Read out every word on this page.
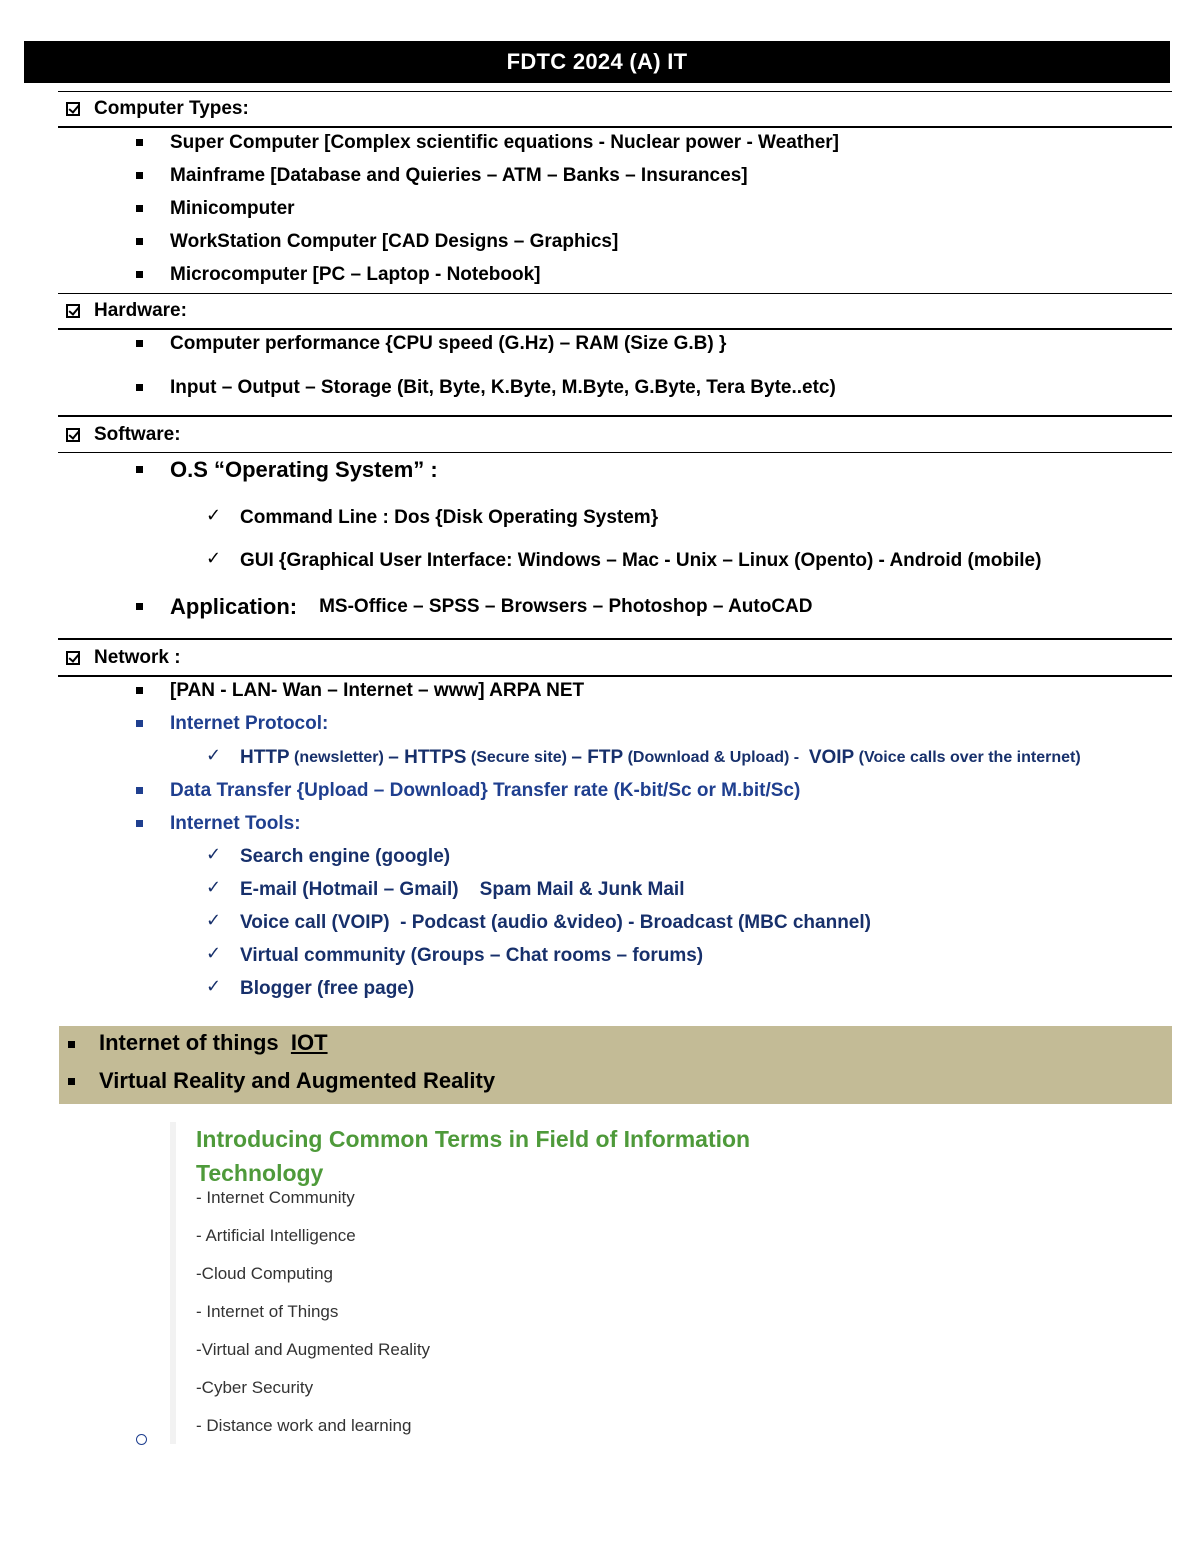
FDTC 2024 (A) IT
Computer Types:
Super Computer [Complex scientific equations - Nuclear power - Weather]
Mainframe [Database and Quieries – ATM – Banks – Insurances]
Minicomputer
WorkStation Computer [CAD Designs – Graphics]
Microcomputer [PC – Laptop - Notebook]
Hardware:
Computer performance {CPU speed (G.Hz) – RAM (Size G.B) }
Input – Output – Storage (Bit, Byte, K.Byte, M.Byte, G.Byte, Tera Byte..etc)
Software:
O.S “Operating System” :
✓ Command Line : Dos {Disk Operating System}
✓ GUI {Graphical User Interface: Windows – Mac - Unix – Linux (Opento) - Android (mobile)
Application: MS-Office – SPSS – Browsers – Photoshop – AutoCAD
Network :
[PAN - LAN- Wan – Internet – www] ARPA NET
Internet Protocol:
✓ HTTP (newsletter) – HTTPS (Secure site) – FTP (Download & Upload) - VOIP (Voice calls over the internet)
Data Transfer {Upload – Download} Transfer rate (K-bit/Sc or M.bit/Sc)
Internet Tools:
✓ Search engine (google)
✓ E-mail (Hotmail – Gmail)    Spam Mail & Junk Mail
✓ Voice call (VOIP)  - Podcast (audio &video) - Broadcast (MBC channel)
✓ Virtual community (Groups – Chat rooms – forums)
✓ Blogger (free page)
Internet of things  IOT
Virtual Reality and Augmented Reality
Introducing Common Terms in Field of Information Technology
- Internet Community
- Artificial Intelligence
-Cloud Computing
- Internet of Things
-Virtual and Augmented Reality
-Cyber Security
- Distance work and learning
